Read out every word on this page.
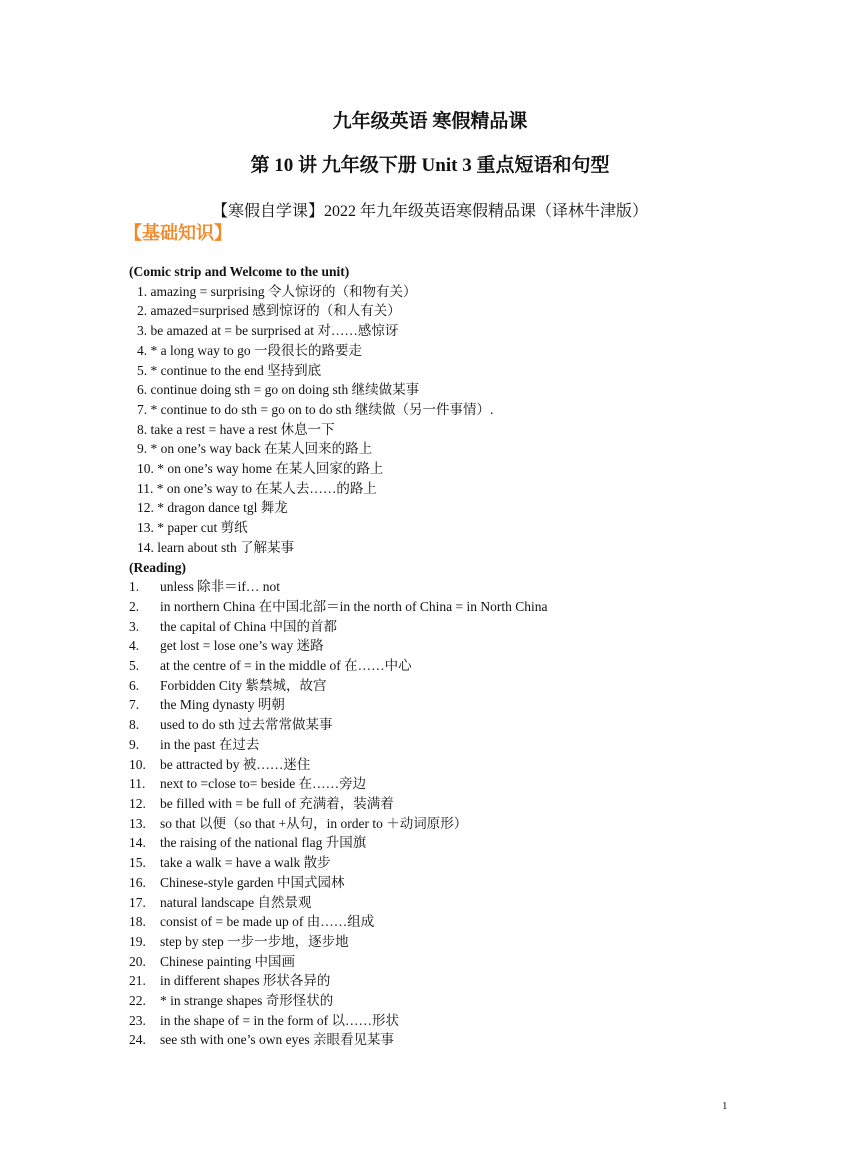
九年级英语 寒假精品课
第 10 讲 九年级下册 Unit 3 重点短语和句型
【寒假自学课】2022 年九年级英语寒假精品课（译林牛津版）
【基础知识】
(Comic strip and Welcome to the unit)
1. amazing = surprising 令人惊讶的（和物有关）
2. amazed=surprised 感到惊讶的（和人有关）
3. be amazed at = be surprised at 对……感惊讶
4. * a long way to go 一段很长的路要走
5. * continue to the end 坚持到底
6. continue doing sth = go on doing sth 继续做某事
7. * continue to do sth = go on to do sth 继续做（另一件事情）.
8. take a rest = have a rest 休息一下
9. * on one’s way back 在某人回来的路上
10. * on one’s way home 在某人回家的路上
11. * on one’s way to 在某人去……的路上
12. * dragon dance tgl 舞龙
13. * paper cut 剪纸
14. learn about sth 了解某事
(Reading)
1.	unless 除非＝if… not
2.	in northern China 在中国北部＝in the north of China = in North China
3.	the capital of China 中国的首都
4.	get lost = lose one’s way 迷路
5.	at the centre of = in the middle of 在……中心
6.	Forbidden City 紫禁城，故宫
7.	the Ming dynasty 明朝
8.	used to do sth 过去常常做某事
9.	in the past 在过去
10.	be attracted by 被……迷住
11.	next to =close to= beside 在……旁边
12.	be filled with = be full of 充满着，装满着
13.	so that 以便（so that +从句，in order to ＋动词原形）
14.	the raising of the national flag 升国旗
15.	take a walk = have a walk 散步
16.	Chinese-style garden 中国式园林
17.	natural landscape 自然景观
18.	consist of = be made up of 由……组成
19.	step by step 一步一步地，逐步地
20.	Chinese painting 中国画
21.	in different shapes 形状各异的
22.	* in strange shapes 奇形怪状的
23.	in the shape of = in the form of 以……形状
24.	see sth with one’s own eyes 亲眼看见某事
1
